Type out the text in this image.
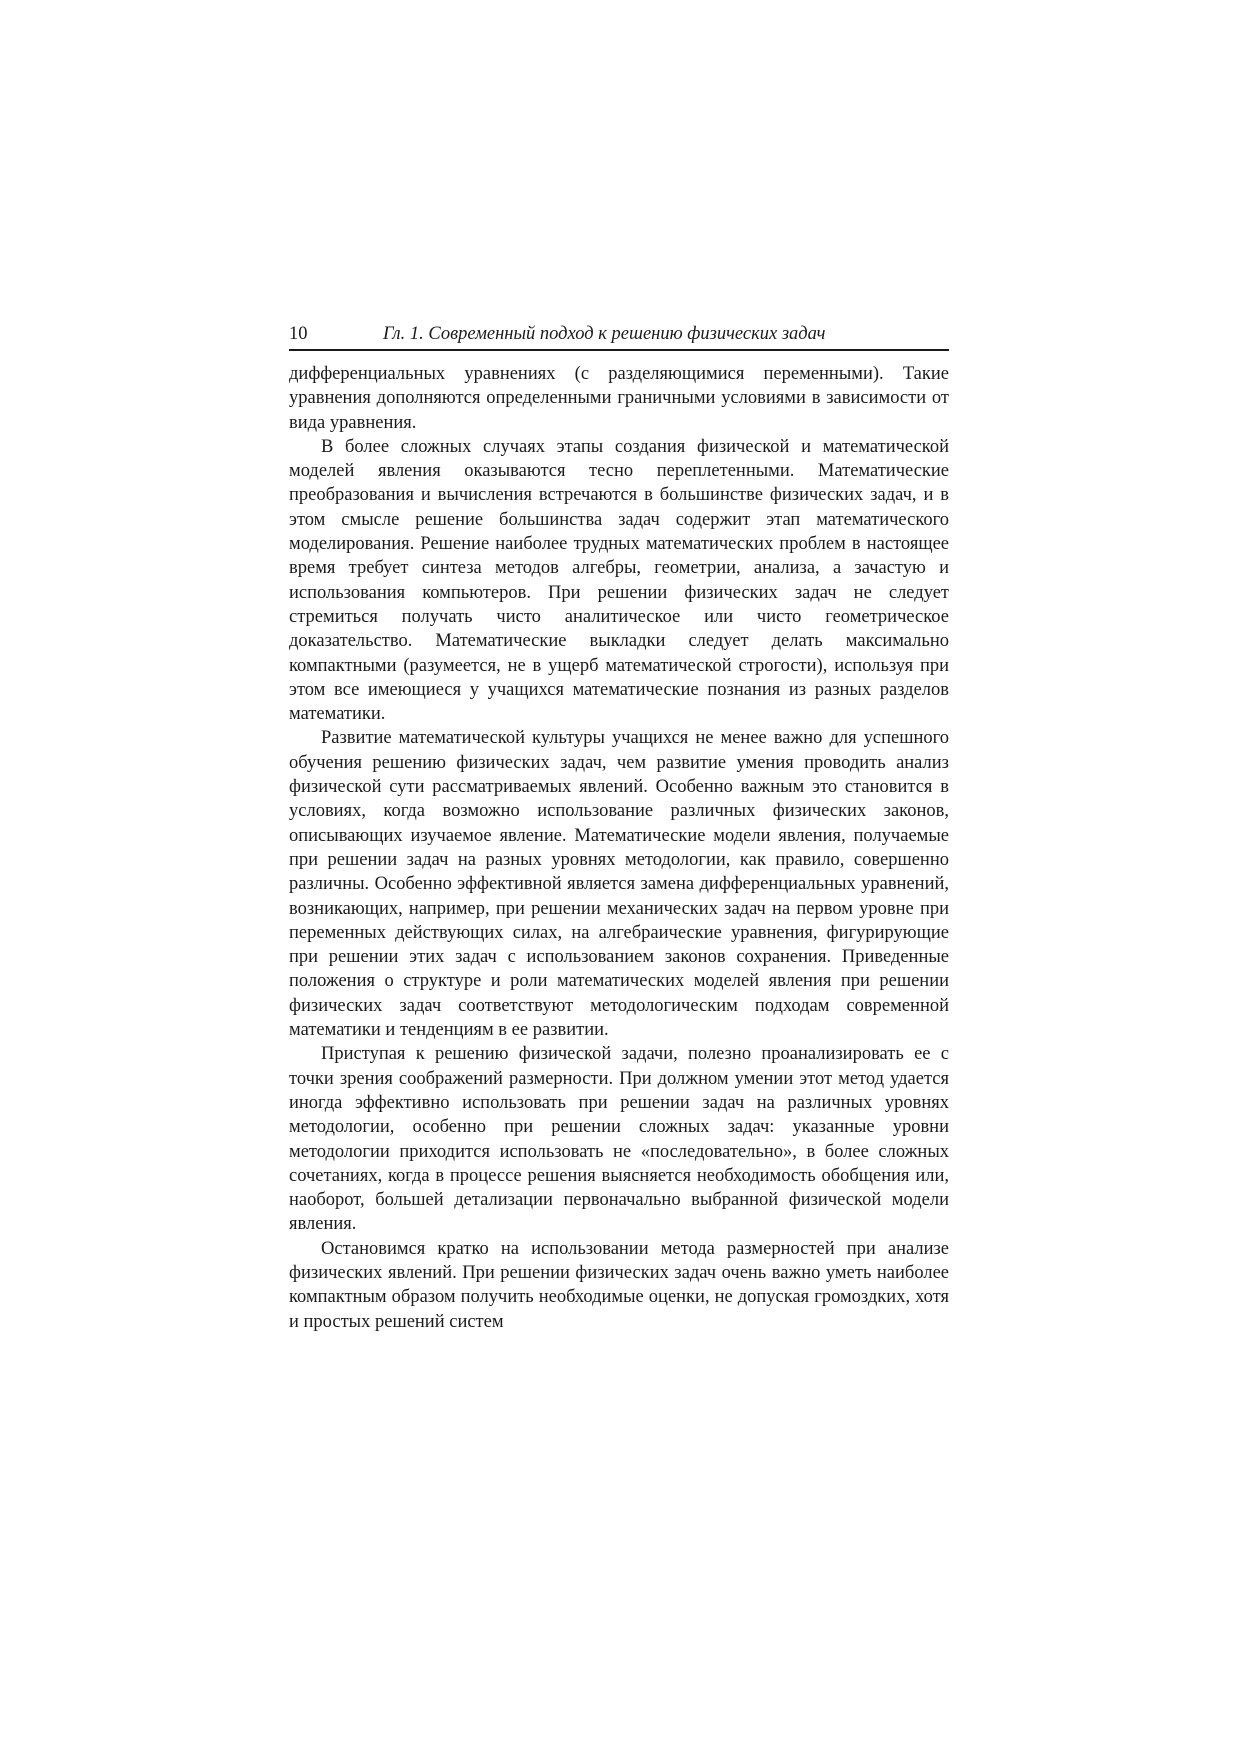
10	Гл. 1. Современный подход к решению физических задач

дифференциальных уравнениях (с разделяющимися переменными). Такие уравнения дополняются определенными граничными условиями в зависимости от вида уравнения.

В более сложных случаях этапы создания физической и математической моделей явления оказываются тесно переплетенными. Математические преобразования и вычисления встречаются в большинстве физических задач, и в этом смысле решение большинства задач содержит этап математического моделирования. Решение наиболее трудных математических проблем в настоящее время требует синтеза методов алгебры, геометрии, анализа, а зачастую и использования компьютеров. При решении физических задач не следует стремиться получать чисто аналитическое или чисто геометрическое доказательство. Математические выкладки следует делать максимально компактными (разумеется, не в ущерб математической строгости), используя при этом все имеющиеся у учащихся математические познания из разных разделов математики.

Развитие математической культуры учащихся не менее важно для успешного обучения решению физических задач, чем развитие умения проводить анализ физической сути рассматриваемых явлений. Особенно важным это становится в условиях, когда возможно использование различных физических законов, описывающих изучаемое явление. Математические модели явления, получаемые при решении задач на разных уровнях методологии, как правило, совершенно различны. Особенно эффективной является замена дифференциальных уравнений, возникающих, например, при решении механических задач на первом уровне при переменных действующих силах, на алгебраические уравнения, фигурирующие при решении этих задач с использованием законов сохранения. Приведенные положения о структуре и роли математических моделей явления при решении физических задач соответствуют методологическим подходам современной математики и тенденциям в ее развитии.

Приступая к решению физической задачи, полезно проанализировать ее с точки зрения соображений размерности. При должном умении этот метод удается иногда эффективно использовать при решении задач на различных уровнях методологии, особенно при решении сложных задач: указанные уровни методологии приходится использовать не «последовательно», в более сложных сочетаниях, когда в процессе решения выясняется необходимость обобщения или, наоборот, большей детализации первоначально выбранной физической модели явления.

Остановимся кратко на использовании метода размерностей при анализе физических явлений. При решении физических задач очень важно уметь наиболее компактным образом получить необходимые оценки, не допуская громоздких, хотя и простых решений систем
